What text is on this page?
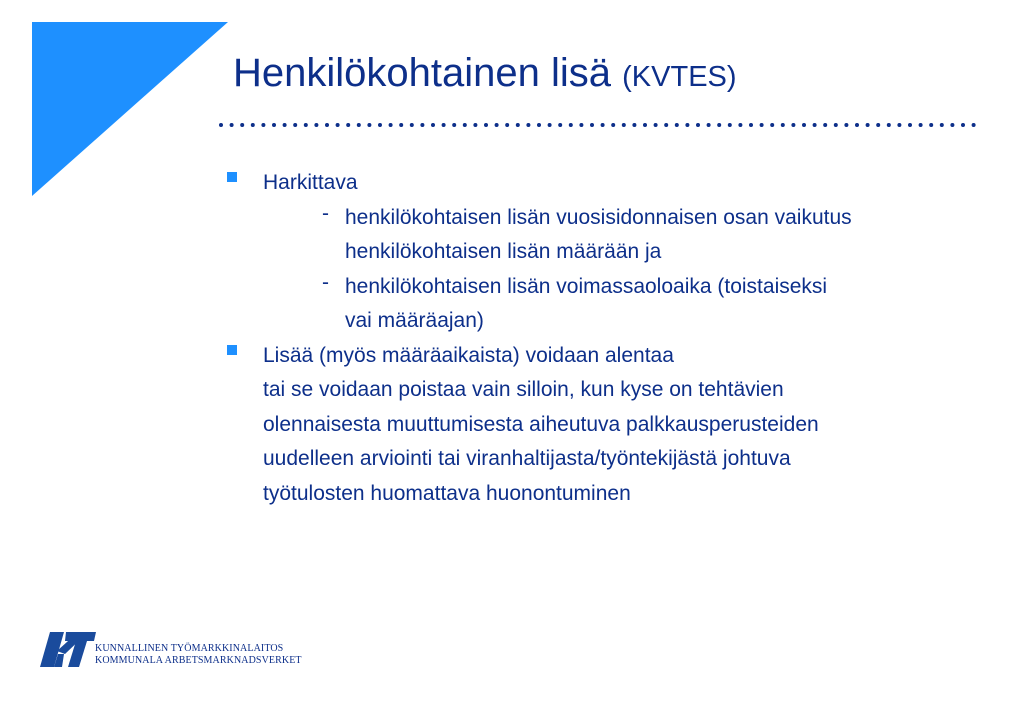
Henkilökohtainen lisä (KVTES)
Harkittava
- henkilökohtaisen lisän vuosisidonnaisen osan vaikutus
henkilökohtaisen lisän määrään ja
- henkilökohtaisen lisän voimassaoloaika (toistaiseksi
vai määräajan)
Lisää (myös määräaikaista) voidaan alentaa
tai se voidaan poistaa vain silloin, kun kyse on tehtävien
olennaisesta muuttumisesta aiheutuva palkkausperusteiden
uudelleen arviointi tai viranhaltijasta/työntekijästä johtuva
työtulosten huomattava huonontuminen
KUNNALLINEN TYÖMARKKINALAITOS
KOMMUNALA ARBETSMARKNADSVERKET
